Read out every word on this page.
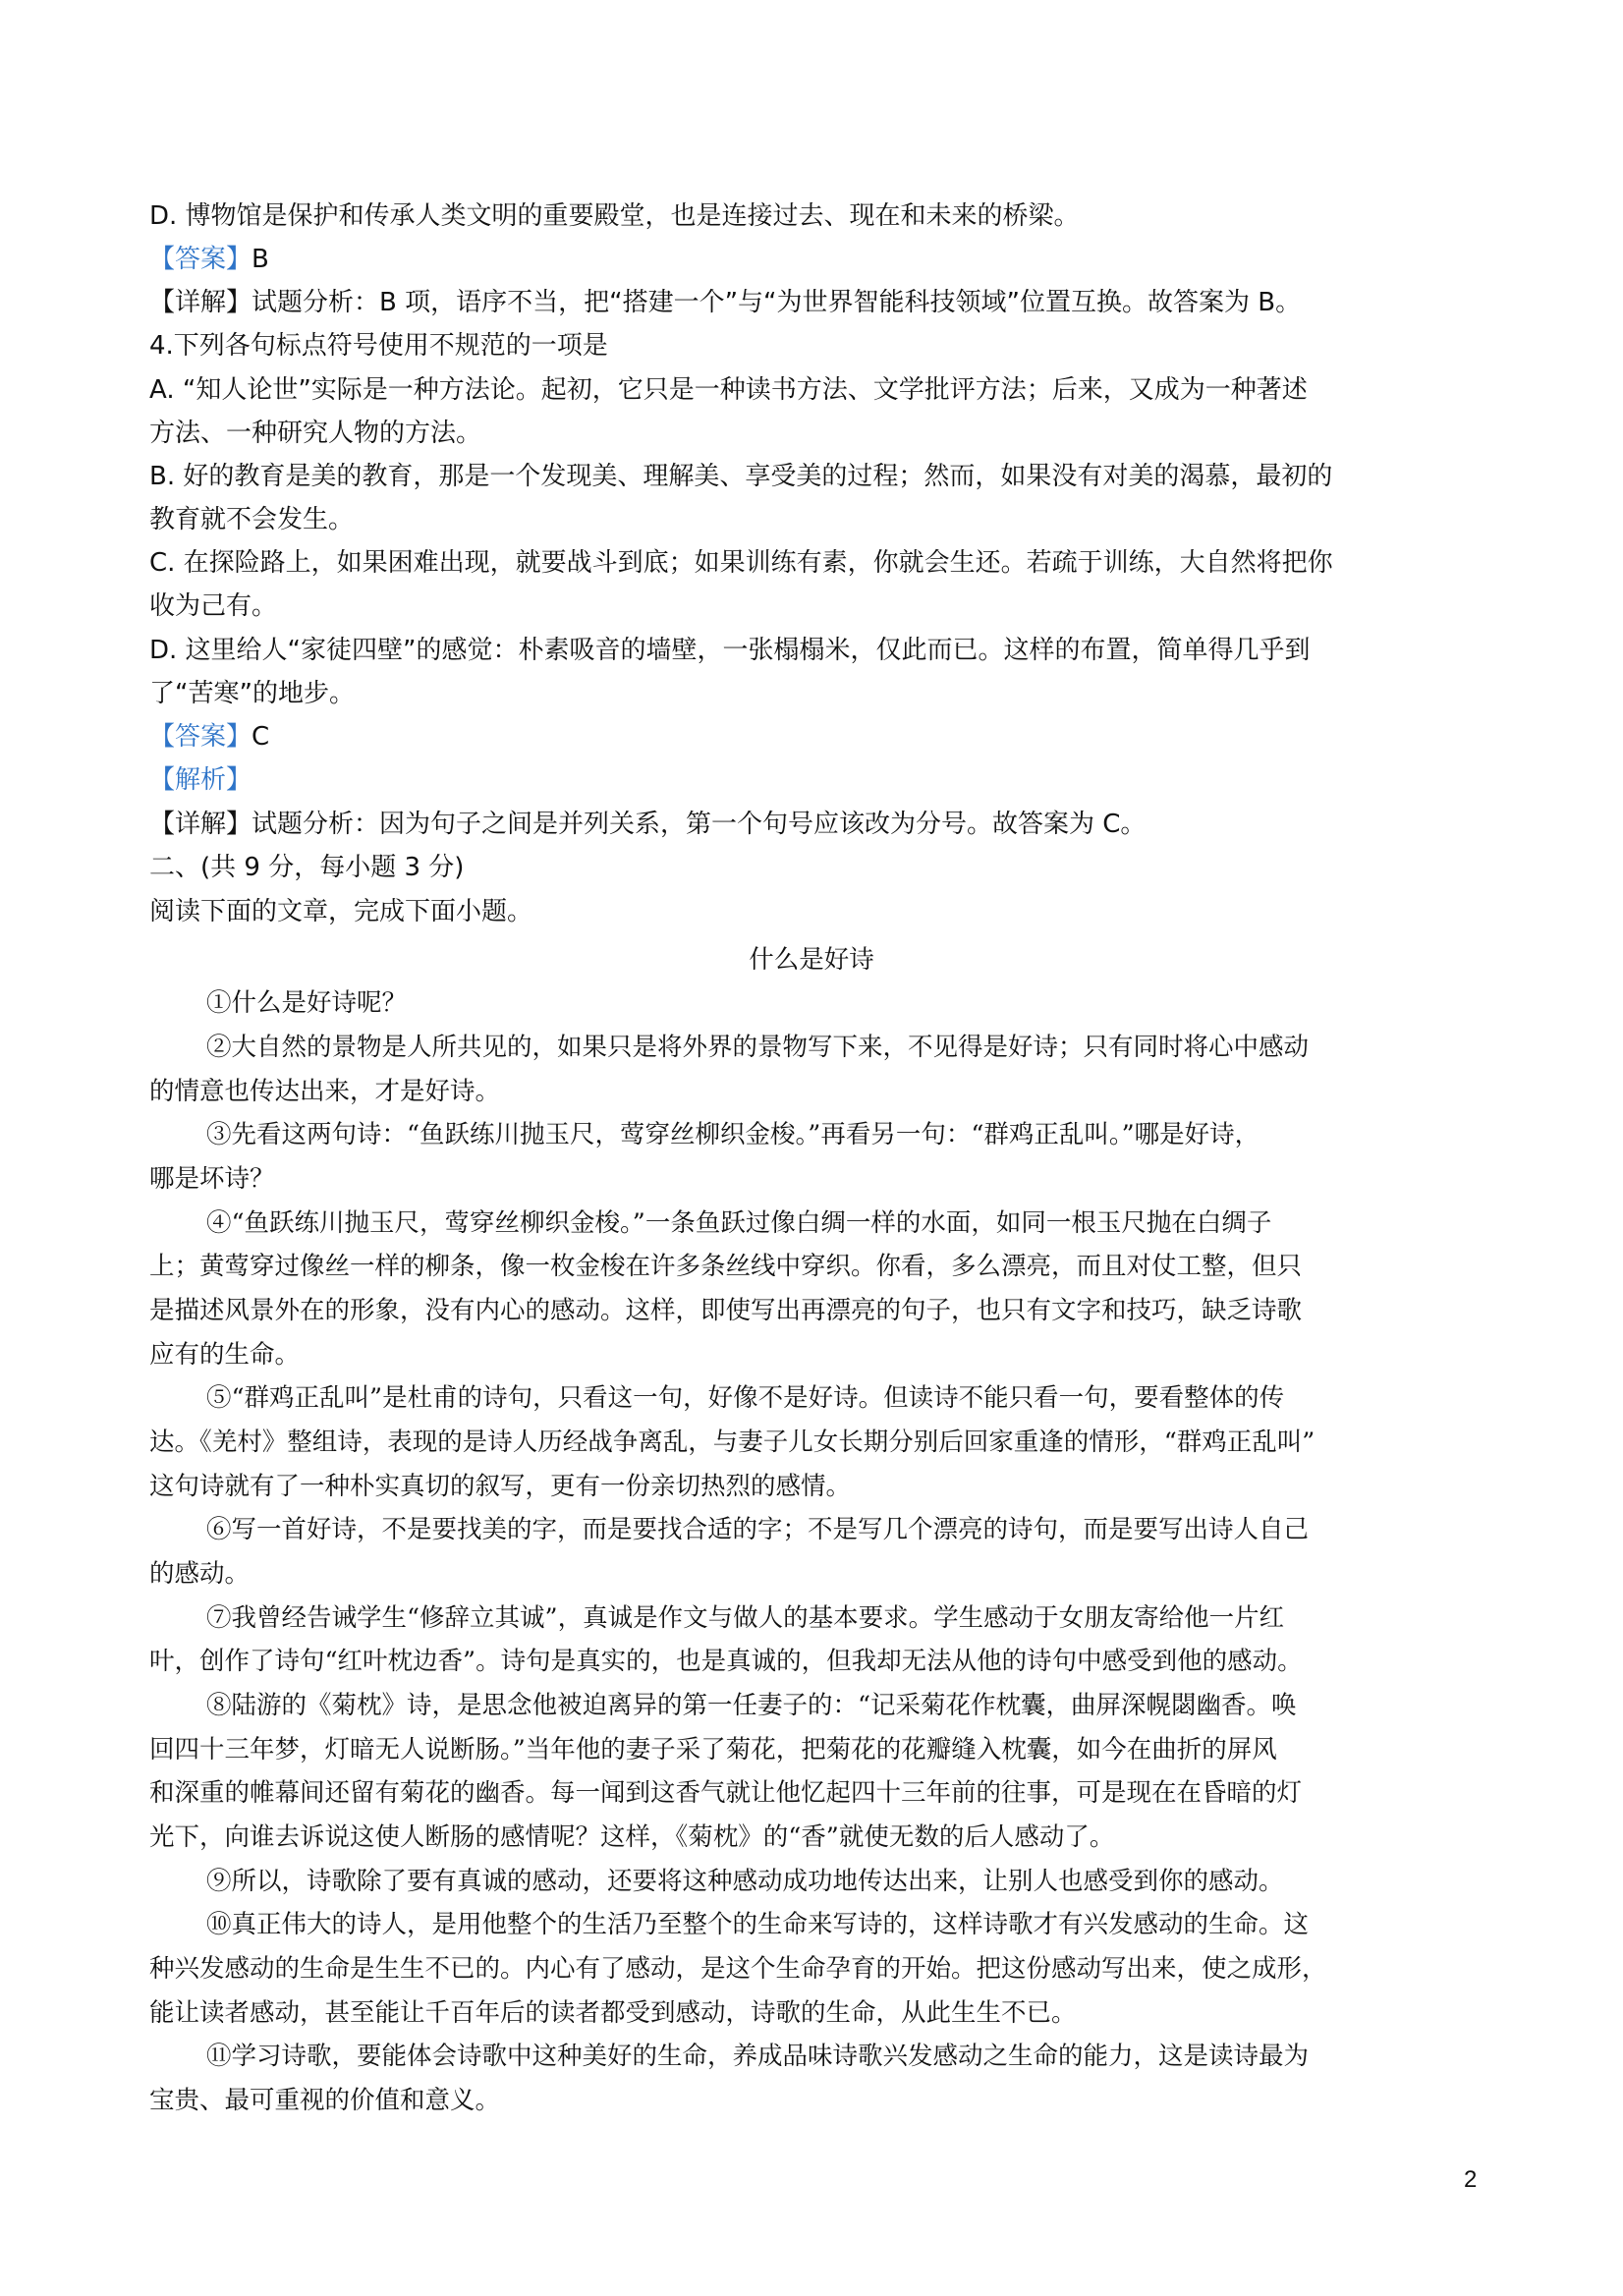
D. 博物馆是保护和传承人类文明的重要殿堂，也是连接过去、现在和未来的桥梁。
【答案】B
【详解】试题分析：B 项，语序不当，把“搭建一个”与“为世界智能科技领域”位置互换。故答案为 B。
4.下列各句标点符号使用不规范的一项是
A. “知人论世”实际是一种方法论。起初，它只是一种读书方法、文学批评方法；后来，又成为一种著述
方法、一种研究人物的方法。
B. 好的教育是美的教育，那是一个发现美、理解美、享受美的过程；然而，如果没有对美的渴慕，最初的
教育就不会发生。
C. 在探险路上，如果困难出现，就要战斗到底；如果训练有素，你就会生还。若疏于训练，大自然将把你
收为己有。
D. 这里给人“家徒四壁”的感觉：朴素吸音的墙壁，一张榻榻米，仅此而已。这样的布置，简单得几乎到
了“苦寒”的地步。
【答案】C
【解析】
【详解】试题分析：因为句子之间是并列关系，第一个句号应该改为分号。故答案为 C。
二、(共 9 分，每小题 3 分)
阅读下面的文章，完成下面小题。
什么是好诗
①什么是好诗呢？
②大自然的景物是人所共见的，如果只是将外界的景物写下来，不见得是好诗；只有同时将心中感动
的情意也传达出来，才是好诗。
③先看这两句诗：“鱼跃练川抛玉尺，莺穿丝柳织金梭。”再看另一句：“群鸡正乱叫。”哪是好诗，
哪是坏诗？
④“鱼跃练川抛玉尺，莺穿丝柳织金梭。”一条鱼跃过像白绸一样的水面，如同一根玉尺抛在白绸子
上；黄莺穿过像丝一样的柳条，像一枚金梭在许多条丝线中穿织。你看，多么漂亮，而且对仗工整，但只
是描述风景外在的形象，没有内心的感动。这样，即使写出再漂亮的句子，也只有文字和技巧，缺乏诗歌
应有的生命。
⑤“群鸡正乱叫”是杜甫的诗句，只看这一句，好像不是好诗。但读诗不能只看一句，要看整体的传
达。《羌村》整组诗，表现的是诗人历经战争离乱，与妻子儿女长期分别后回家重逢的情形，“群鸡正乱叫”
这句诗就有了一种朴实真切的叙写，更有一份亲切热烈的感情。
⑥写一首好诗，不是要找美的字，而是要找合适的字；不是写几个漂亮的诗句，而是要写出诗人自己
的感动。
⑦我曾经告诫学生“修辞立其诚”，真诚是作文与做人的基本要求。学生感动于女朋友寄给他一片红
叶，创作了诗句“红叶枕边香”。诗句是真实的，也是真诚的，但我却无法从他的诗句中感受到他的感动。
⑧陆游的《菊枕》诗，是思念他被迫离异的第一任妻子的：“记采菊花作枕囊，曲屏深幌閟幽香。唤
回四十三年梦，灯暗无人说断肠。”当年他的妻子采了菊花，把菊花的花瓣缝入枕囊，如今在曲折的屏风
和深重的帷幕间还留有菊花的幽香。每一闻到这香气就让他忆起四十三年前的往事，可是现在在昏暗的灯
光下，向谁去诉说这使人断肠的感情呢？这样，《菊枕》的“香”就使无数的后人感动了。
⑨所以，诗歌除了要有真诚的感动，还要将这种感动成功地传达出来，让别人也感受到你的感动。
⑩真正伟大的诗人，是用他整个的生活乃至整个的生命来写诗的，这样诗歌才有兴发感动的生命。这
种兴发感动的生命是生生不已的。内心有了感动，是这个生命孕育的开始。把这份感动写出来，使之成形，
能让读者感动，甚至能让千百年后的读者都受到感动，诗歌的生命，从此生生不已。
⑪学习诗歌，要能体会诗歌中这种美好的生命，养成品味诗歌兴发感动之生命的能力，这是读诗最为
宝贵、最可重视的价值和意义。
2
